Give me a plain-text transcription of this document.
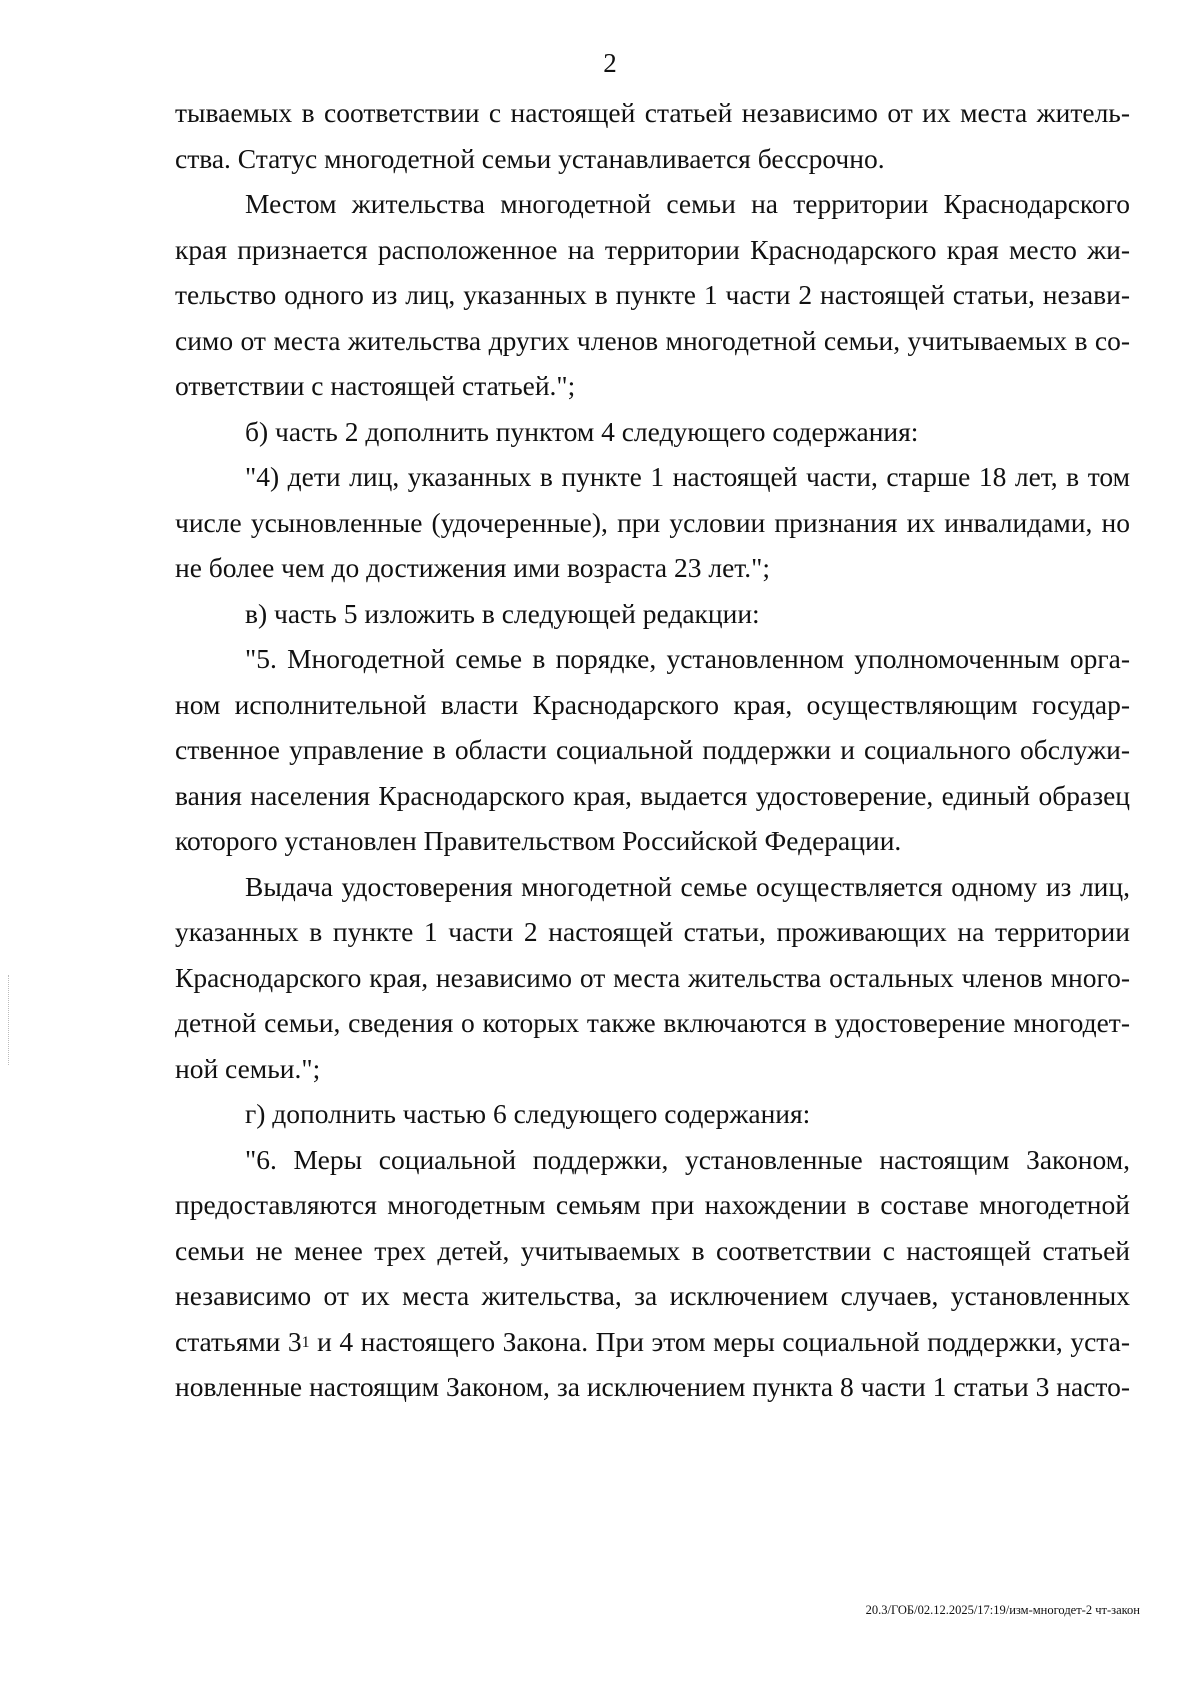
2
тываемых в соответствии с настоящей статьей независимо от их места житель-
ства. Статус многодетной семьи устанавливается бессрочно.
Местом жительства многодетной семьи на территории Краснодарского
края признается расположенное на территории Краснодарского края место жи-
тельство одного из лиц, указанных в пункте 1 части 2 настоящей статьи, незави-
симо от места жительства других членов многодетной семьи, учитываемых в со-
ответствии с настоящей статьей.";
б) часть 2 дополнить пунктом 4 следующего содержания:
"4) дети лиц, указанных в пункте 1 настоящей части, старше 18 лет, в том
числе усыновленные (удочеренные), при условии признания их инвалидами, но
не более чем до достижения ими возраста 23 лет.";
в) часть 5 изложить в следующей редакции:
"5. Многодетной семье в порядке, установленном уполномоченным орга-
ном исполнительной власти Краснодарского края, осуществляющим государ-
ственное управление в области социальной поддержки и социального обслужи-
вания населения Краснодарского края, выдается удостоверение, единый образец
которого установлен Правительством Российской Федерации.
Выдача удостоверения многодетной семье осуществляется одному из лиц,
указанных в пункте 1 части 2 настоящей статьи, проживающих на территории
Краснодарского края, независимо от места жительства остальных членов много-
детной семьи, сведения о которых также включаются в удостоверение многодет-
ной семьи.";
г) дополнить частью 6 следующего содержания:
"6. Меры социальной поддержки, установленные настоящим Законом,
предоставляются многодетным семьям при нахождении в составе многодетной
семьи не менее трех детей, учитываемых в соответствии с настоящей статьей
независимо от их места жительства, за исключением случаев, установленных
статьями $3^1$ и 4 настоящего Закона. При этом меры социальной поддержки, уста-
новленные настоящим Законом, за исключением пункта 8 части 1 статьи 3 насто-
20.3/ГОБ/02.12.2025/17:19/изм-многодет-2 чт-закон
